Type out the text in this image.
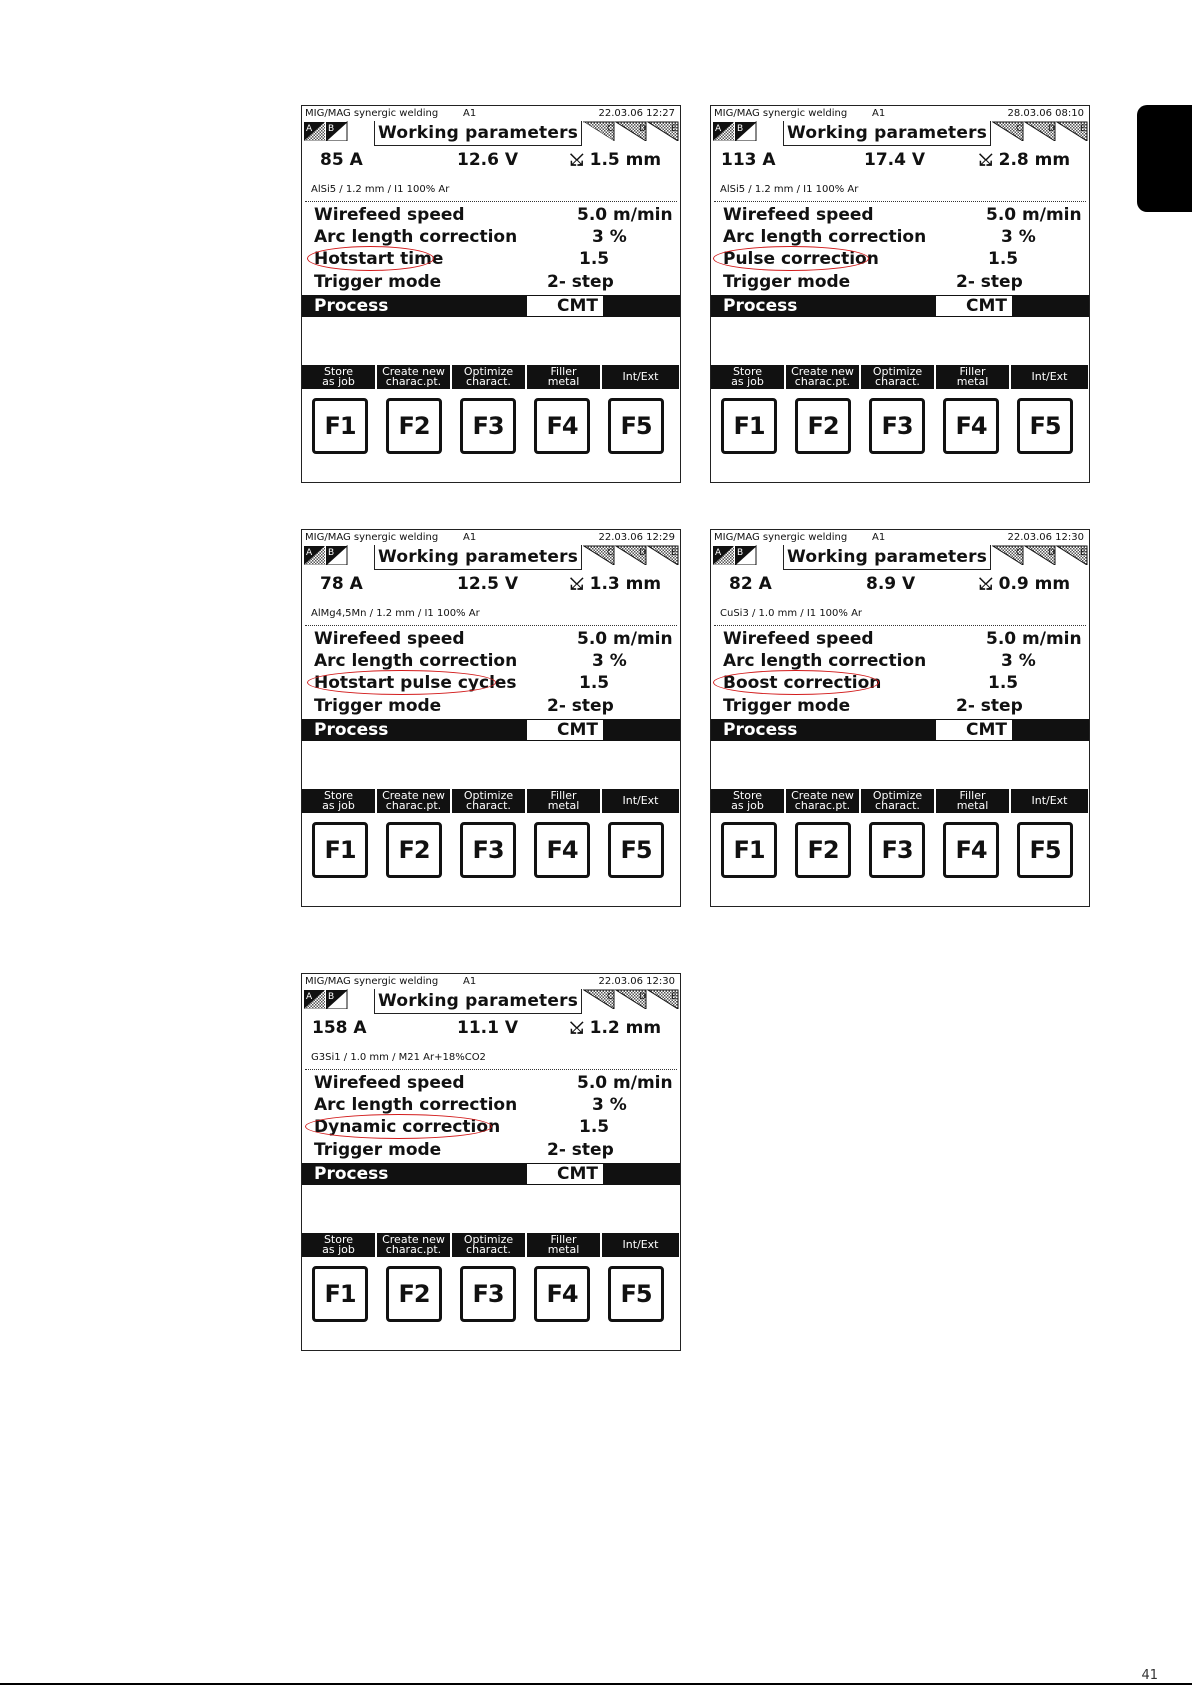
MIG/MAG synergic welding A1	22.03.06 12:27
A B	Working parameters	C	D	E
85 A	12.6 V	⤩ 1.5 mm
AlSi5 / 1.2 mm / I1 100% Ar
Wirefeed speed	5.0 m/min
Arc length correction	3 %
Hotstart time	1.5
Trigger mode	2- step
Process	CMT
Store
as job
Create new
charac.pt.
Optimize
charact.
Filler
metal	Int/Ext
F1	F2	F3	F4	F5
MIG/MAG synergic welding A1	28.03.06 08:10
A B	Working parameters	C	D	E
113 A	17.4 V	⤩ 2.8 mm
AlSi5 / 1.2 mm / I1 100% Ar
Wirefeed speed	5.0 m/min
Arc length correction	3 %
Pulse correction	1.5
Trigger mode	2- step
Process	CMT
Store
as job
Create new
charac.pt.
Optimize
charact.
Filler
metal	Int/Ext
F1	F2	F3	F4	F5
MIG/MAG synergic welding A1	22.03.06 12:29
A B	Working parameters	C	D	E
78 A	12.5 V	⤩ 1.3 mm
AlMg4,5Mn / 1.2 mm / I1 100% Ar
Wirefeed speed	5.0 m/min
Arc length correction	3 %
Hotstart pulse cycles	1.5
Trigger mode	2- step
Process	CMT
Store
as job
Create new
charac.pt.
Optimize
charact.
Filler
metal	Int/Ext
F1	F2	F3	F4	F5
MIG/MAG synergic welding A1	22.03.06 12:30
A B	Working parameters	C	D	E
82 A	8.9 V	⤩ 0.9 mm
CuSi3 / 1.0 mm / I1 100% Ar
Wirefeed speed	5.0 m/min
Arc length correction	3 %
Boost correction	1.5
Trigger mode	2- step
Process	CMT
Store
as job
Create new
charac.pt.
Optimize
charact.
Filler
metal	Int/Ext
F1	F2	F3	F4	F5
MIG/MAG synergic welding A1	22.03.06 12:30
A B	Working parameters	C	D	E
158 A	11.1 V	⤩ 1.2 mm
G3Si1 / 1.0 mm / M21 Ar+18%CO2
Wirefeed speed	5.0 m/min
Arc length correction	3 %
Dynamic correction	1.5
Trigger mode	2- step
Process	CMT
Store
as job
Create new
charac.pt.
Optimize
charact.
Filler
metal	Int/Ext
F1	F2	F3	F4	F5
41
